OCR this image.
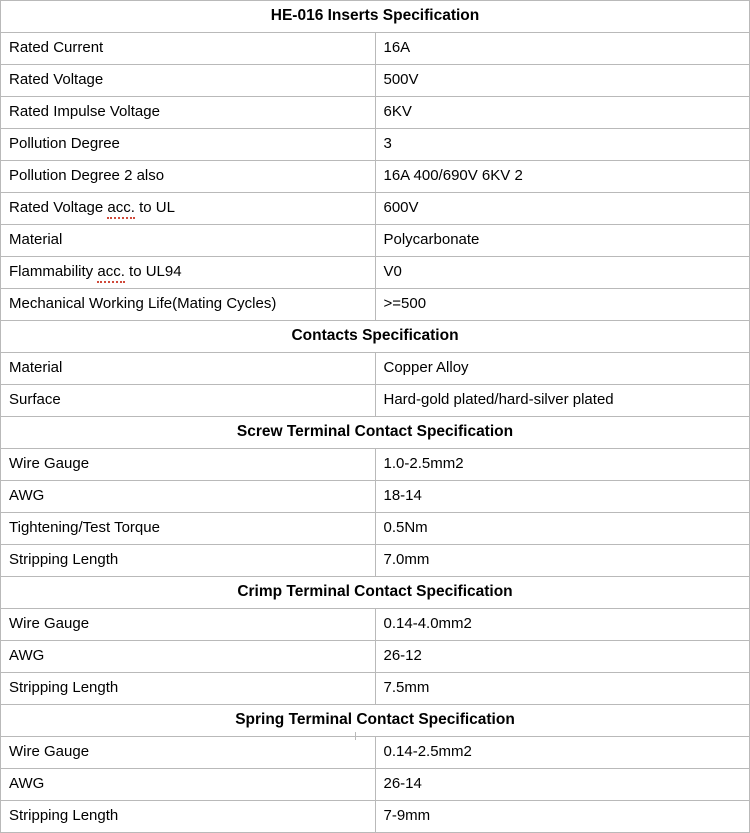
HE-016 Inserts Specification	
Rated Current	16A
Rated Voltage	500V
Rated Impulse Voltage	6KV
Pollution Degree	3
Pollution Degree 2 also	16A 400/690V 6KV 2
Rated Voltage acc. to UL	600V
Material	Polycarbonate
Flammability acc. to UL94	V0
Mechanical Working Life(Mating Cycles)	>=500
Contacts Specification	
Material	Copper Alloy
Surface	Hard-gold plated/hard-silver plated
Screw Terminal Contact Specification	
Wire Gauge	1.0-2.5mm2
AWG	18-14
Tightening/Test Torque	0.5Nm
Stripping Length	7.0mm
Crimp Terminal Contact Specification	
Wire Gauge	0.14-4.0mm2
AWG	26-12
Stripping Length	7.5mm
Spring Terminal Contact Specification	
Wire Gauge	0.14-2.5mm2
AWG	26-14
Stripping Length	7-9mm
